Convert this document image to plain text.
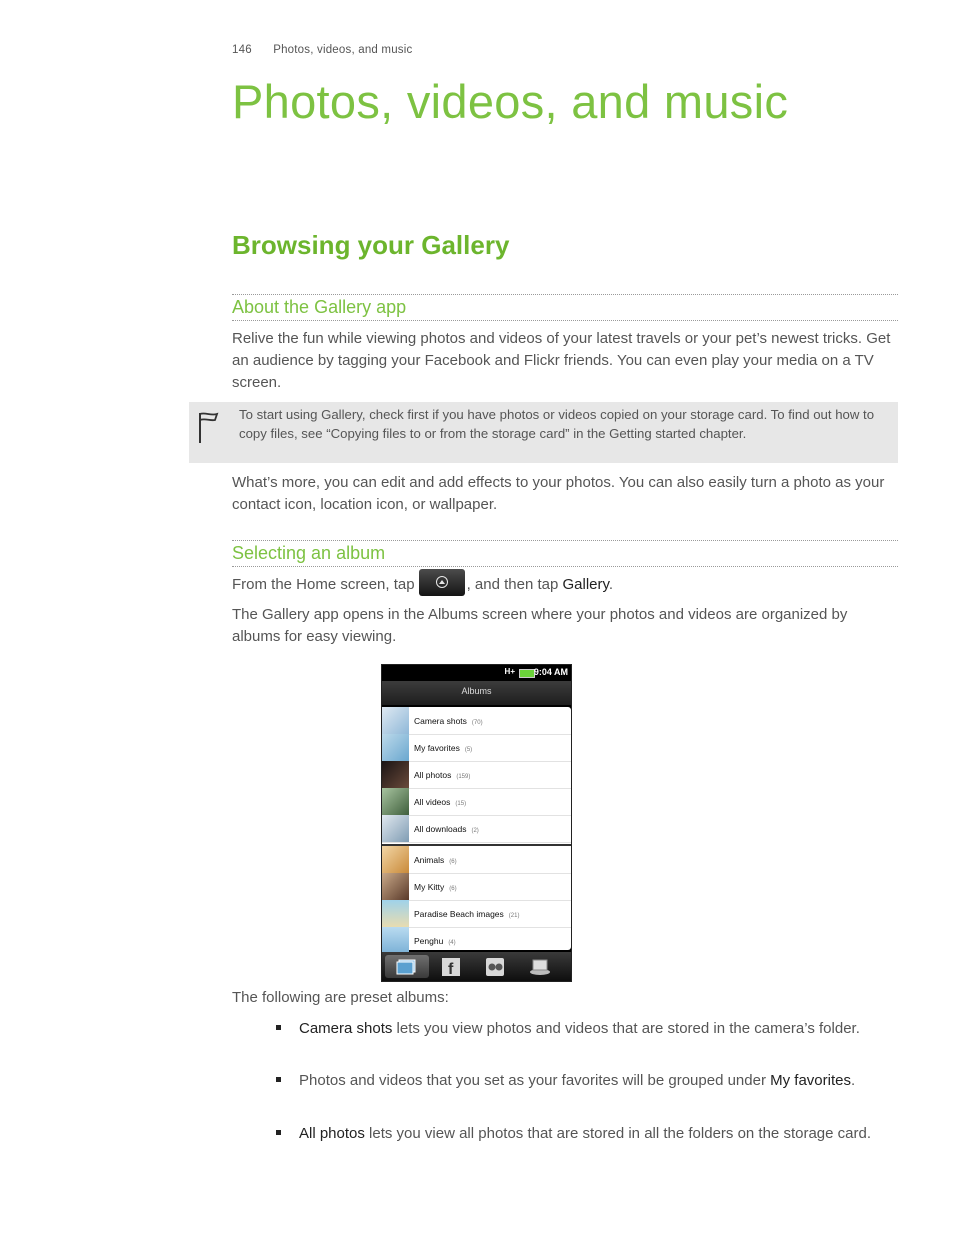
146 Photos, videos, and music
Photos, videos, and music
Browsing your Gallery
About the Gallery app
Relive the fun while viewing photos and videos of your latest travels or your pet’s newest tricks. Get an audience by tagging your Facebook and Flickr friends. You can even play your media on a TV screen.
To start using Gallery, check first if you have photos or videos copied on your storage card. To find out how to copy files, see “Copying files to or from the storage card” in the Getting started chapter.
What’s more, you can edit and add effects to your photos. You can also easily turn a photo as your contact icon, location icon, or wallpaper.
Selecting an album
From the Home screen, tap	, and then tap Gallery.
The Gallery app opens in the Albums screen where your photos and videos are organized by albums for easy viewing.
H+ 9:04 AM
Albums
Camera shots (70)
My favorites (5)
All photos (159)
All videos (15)
All downloads (2)
Animals (6)
My Kitty (6)
Paradise Beach images (21)
Penghu (4)
f
The following are preset albums:
Camera shots lets you view photos and videos that are stored in the camera’s folder.
Photos and videos that you set as your favorites will be grouped under My favorites.
All photos lets you view all photos that are stored in all the folders on the storage card.
